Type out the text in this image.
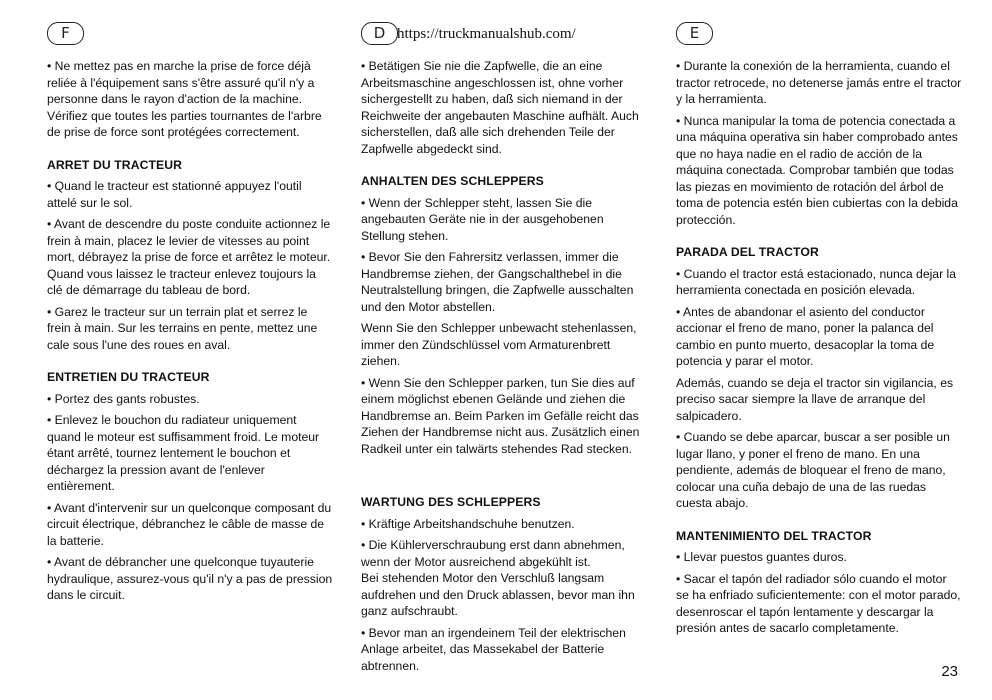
F

• Ne mettez pas en marche la prise de force déjà reliée à l'équipement sans s'être assuré qu'il n'y a personne dans le rayon d'action de la machine.
Vérifiez que toutes les parties tournantes de l'arbre de prise de force sont protégées correctement.

ARRET DU TRACTEUR

• Quand le tracteur est stationné appuyez l'outil attelé sur le sol.

• Avant de descendre du poste conduite actionnez le frein à main, placez le levier de vitesses au point mort, débrayez la prise de force et arrêtez le moteur. Quand vous laissez le tracteur enlevez toujours la clé de démarrage du tableau de bord.

• Garez le tracteur sur un terrain plat et serrez le frein à main. Sur les terrains en pente, mettez une cale sous l'une des roues en aval.

ENTRETIEN DU TRACTEUR

• Portez des gants robustes.

• Enlevez le bouchon du radiateur uniquement quand le moteur est suffisamment froid. Le moteur étant arrêté, tournez lentement le bouchon et déchargez la pression avant de l'enlever entièrement.

• Avant d'intervenir sur un quelconque composant du circuit électrique, débranchez le câble de masse de la batterie.

• Avant de débrancher une quelconque tuyauterie hydraulique, assurez-vous qu'il n'y a pas de pression dans le circuit.

D https://truckmanualshub.com/

• Betätigen Sie nie die Zapfwelle, die an eine Arbeitsmaschine angeschlossen ist, ohne vorher sichergestellt zu haben, daß sich niemand in der Reichweite der angebauten Maschine aufhält. Auch sicherstellen, daß alle sich drehenden Teile der Zapfwelle abgedeckt sind.

ANHALTEN DES SCHLEPPERS

• Wenn der Schlepper steht, lassen Sie die angebauten Geräte nie in der ausgehobenen Stellung stehen.

• Bevor Sie den Fahrersitz verlassen, immer die Handbremse ziehen, der Gangschalthebel in die Neutralstellung bringen, die Zapfwelle ausschalten und den Motor abstellen.

Wenn Sie den Schlepper unbewacht stehenlassen, immer den Zündschlüssel vom Armaturenbrett ziehen.

• Wenn Sie den Schlepper parken, tun Sie dies auf einem möglichst ebenen Gelände und ziehen die Handbremse an. Beim Parken im Gefälle reicht das Ziehen der Handbremse nicht aus. Zusätzlich einen Radkeil unter ein talwärts stehendes Rad stecken.

WARTUNG DES SCHLEPPERS

• Kräftige Arbeitshandschuhe benutzen.

• Die Kühlerverschraubung erst dann abnehmen, wenn der Motor ausreichend abgekühlt ist.
Bei stehenden Motor den Verschluß langsam aufdrehen und den Druck ablassen, bevor man ihn ganz aufschraubt.

• Bevor man an irgendeinem Teil der elektrischen Anlage arbeitet, das Massekabel der Batterie abtrennen.

E

• Durante la conexión de la herramienta, cuando el tractor retrocede, no detenerse jamás entre el tractor y la herramienta.

• Nunca manipular la toma de potencia conectada a una máquina operativa sin haber comprobado antes que no haya nadie en el radio de acción de la máquina conectada. Comprobar también que todas las piezas en movimiento de rotación del árbol de toma de potencia estén bien cubiertas con la debida protección.

PARADA DEL TRACTOR

• Cuando el tractor está estacionado, nunca dejar la herramienta conectada en posición elevada.

• Antes de abandonar el asiento del conductor accionar el freno de mano, poner la palanca del cambio en punto muerto, desacoplar la toma de potencia y parar el motor.

Además, cuando se deja el tractor sin vigilancia, es preciso sacar siempre la llave de arranque del salpicadero.

• Cuando se debe aparcar, buscar a ser posible un lugar llano, y poner el freno de mano. En una pendiente, además de bloquear el freno de mano, colocar una cuña debajo de una de las ruedas cuesta abajo.

MANTENIMIENTO DEL TRACTOR

• Llevar puestos guantes duros.

• Sacar el tapón del radiador sólo cuando el motor se ha enfriado suficientemente: con el motor parado, desenroscar el tapón lentamente y descargar la presión antes de sacarlo completamente.

23
